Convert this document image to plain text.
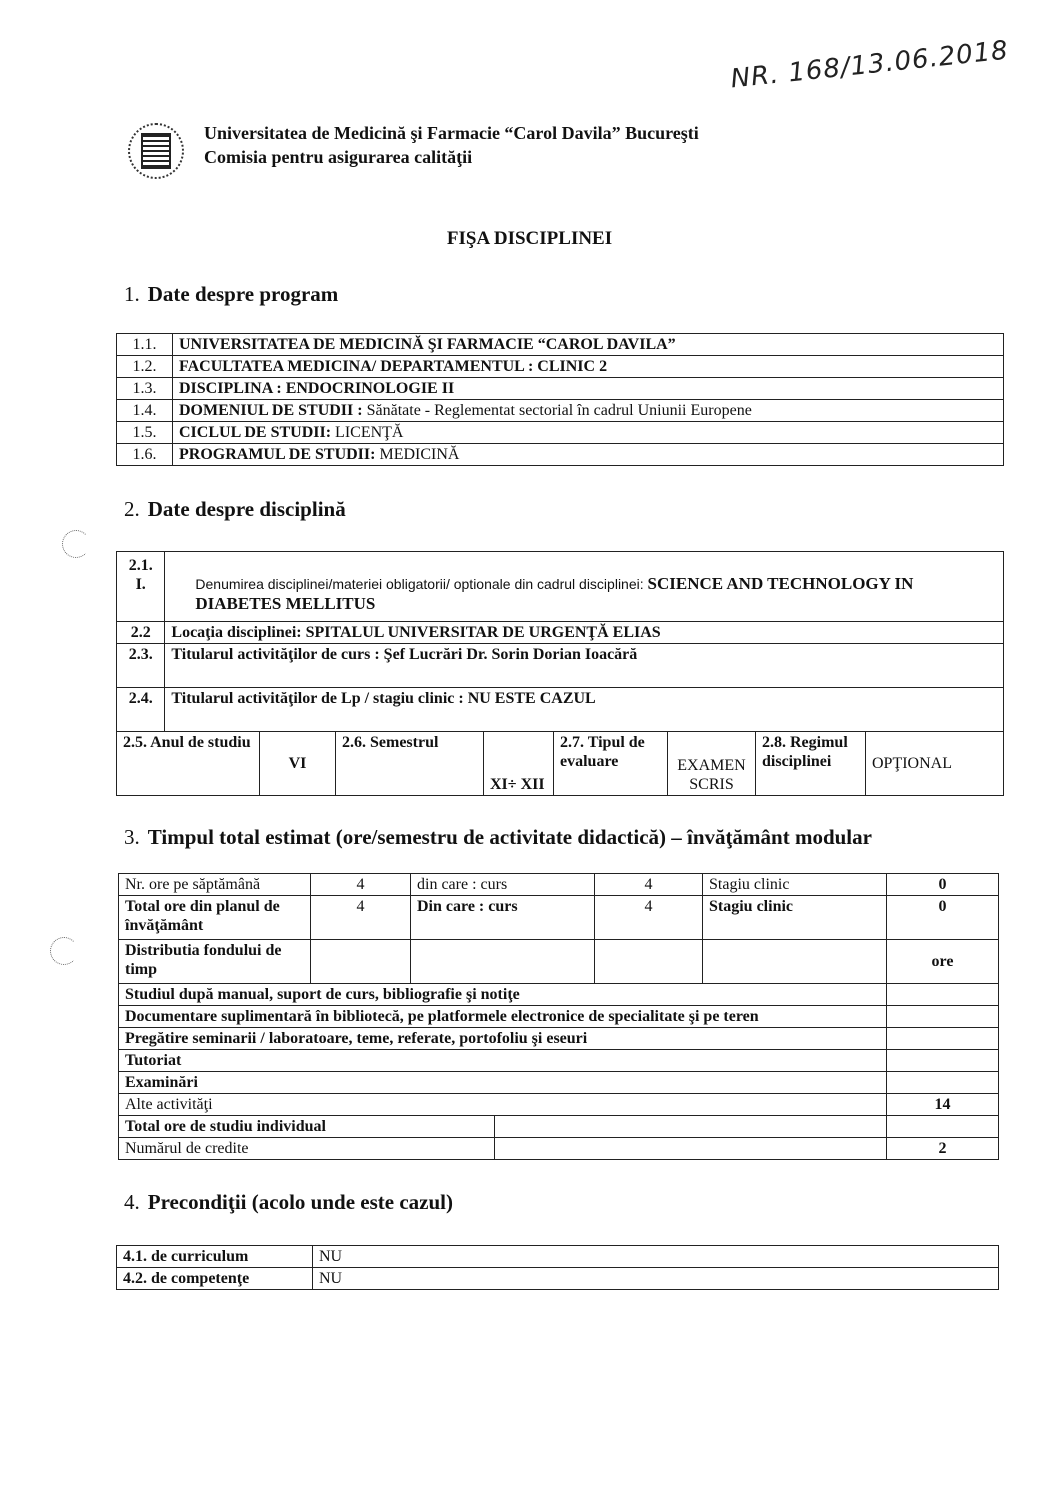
NR. 168/13.06.2018
Universitatea de Medicină şi Farmacie “Carol Davila” Bucureşti
Comisia pentru asigurarea calităţii
FIŞA DISCIPLINEI
1. Date despre program
1.1.	UNIVERSITATEA DE MEDICINĂ ŞI FARMACIE “CAROL DAVILA”
1.2.	FACULTATEA MEDICINA/ DEPARTAMENTUL : CLINIC 2
1.3.	DISCIPLINA : ENDOCRINOLOGIE II
1.4.	DOMENIUL DE STUDII : Sănătate - Reglementat sectorial în cadrul Uniunii Europene
1.5.	CICLUL DE STUDII: LICENŢĂ
1.6.	PROGRAMUL DE STUDII: MEDICINĂ
2. Date despre disciplină
2.1. I.	Denumirea disciplinei/materiei obligatorii/ optionale din cadrul disciplinei: SCIENCE AND TECHNOLOGY IN DIABETES MELLITUS							
2.2	Locaţia disciplinei: SPITALUL UNIVERSITAR DE URGENŢĂ ELIAS							
2.3.	Titularul activităţilor de curs : Şef Lucrări Dr. Sorin Dorian Ioacără							
2.4.	Titularul activităţilor de Lp / stagiu clinic : NU ESTE CAZUL							
2.5. Anul de studiu		VI	2.6. Semestrul	XI÷ XII	2.7. Tipul de evaluare	EXAMEN SCRIS	2.8. Regimul disciplinei	OPŢIONAL
3. Timpul total estimat (ore/semestru de activitate didactică) – învăţământ modular
Nr. ore pe săptămână	4	din care : curs		4	Stagiu clinic	0
Total ore din planul de învăţământ	4	Din care : curs		4	Stagiu clinic	0
Distributia fondului de timp						ore
Studiul după manual, suport de curs, bibliografie şi notiţe						
Documentare suplimentară în bibliotecă, pe platformele electronice de specialitate şi pe teren						
Pregătire seminarii / laboratoare, teme, referate, portofoliu şi eseuri						
Tutoriat						
Examinări						
Alte activităţi						14
Total ore de studiu individual						
Numărul de credite						2
4. Precondiţii (acolo unde este cazul)
4.1. de curriculum	NU
4.2. de competenţe	NU
